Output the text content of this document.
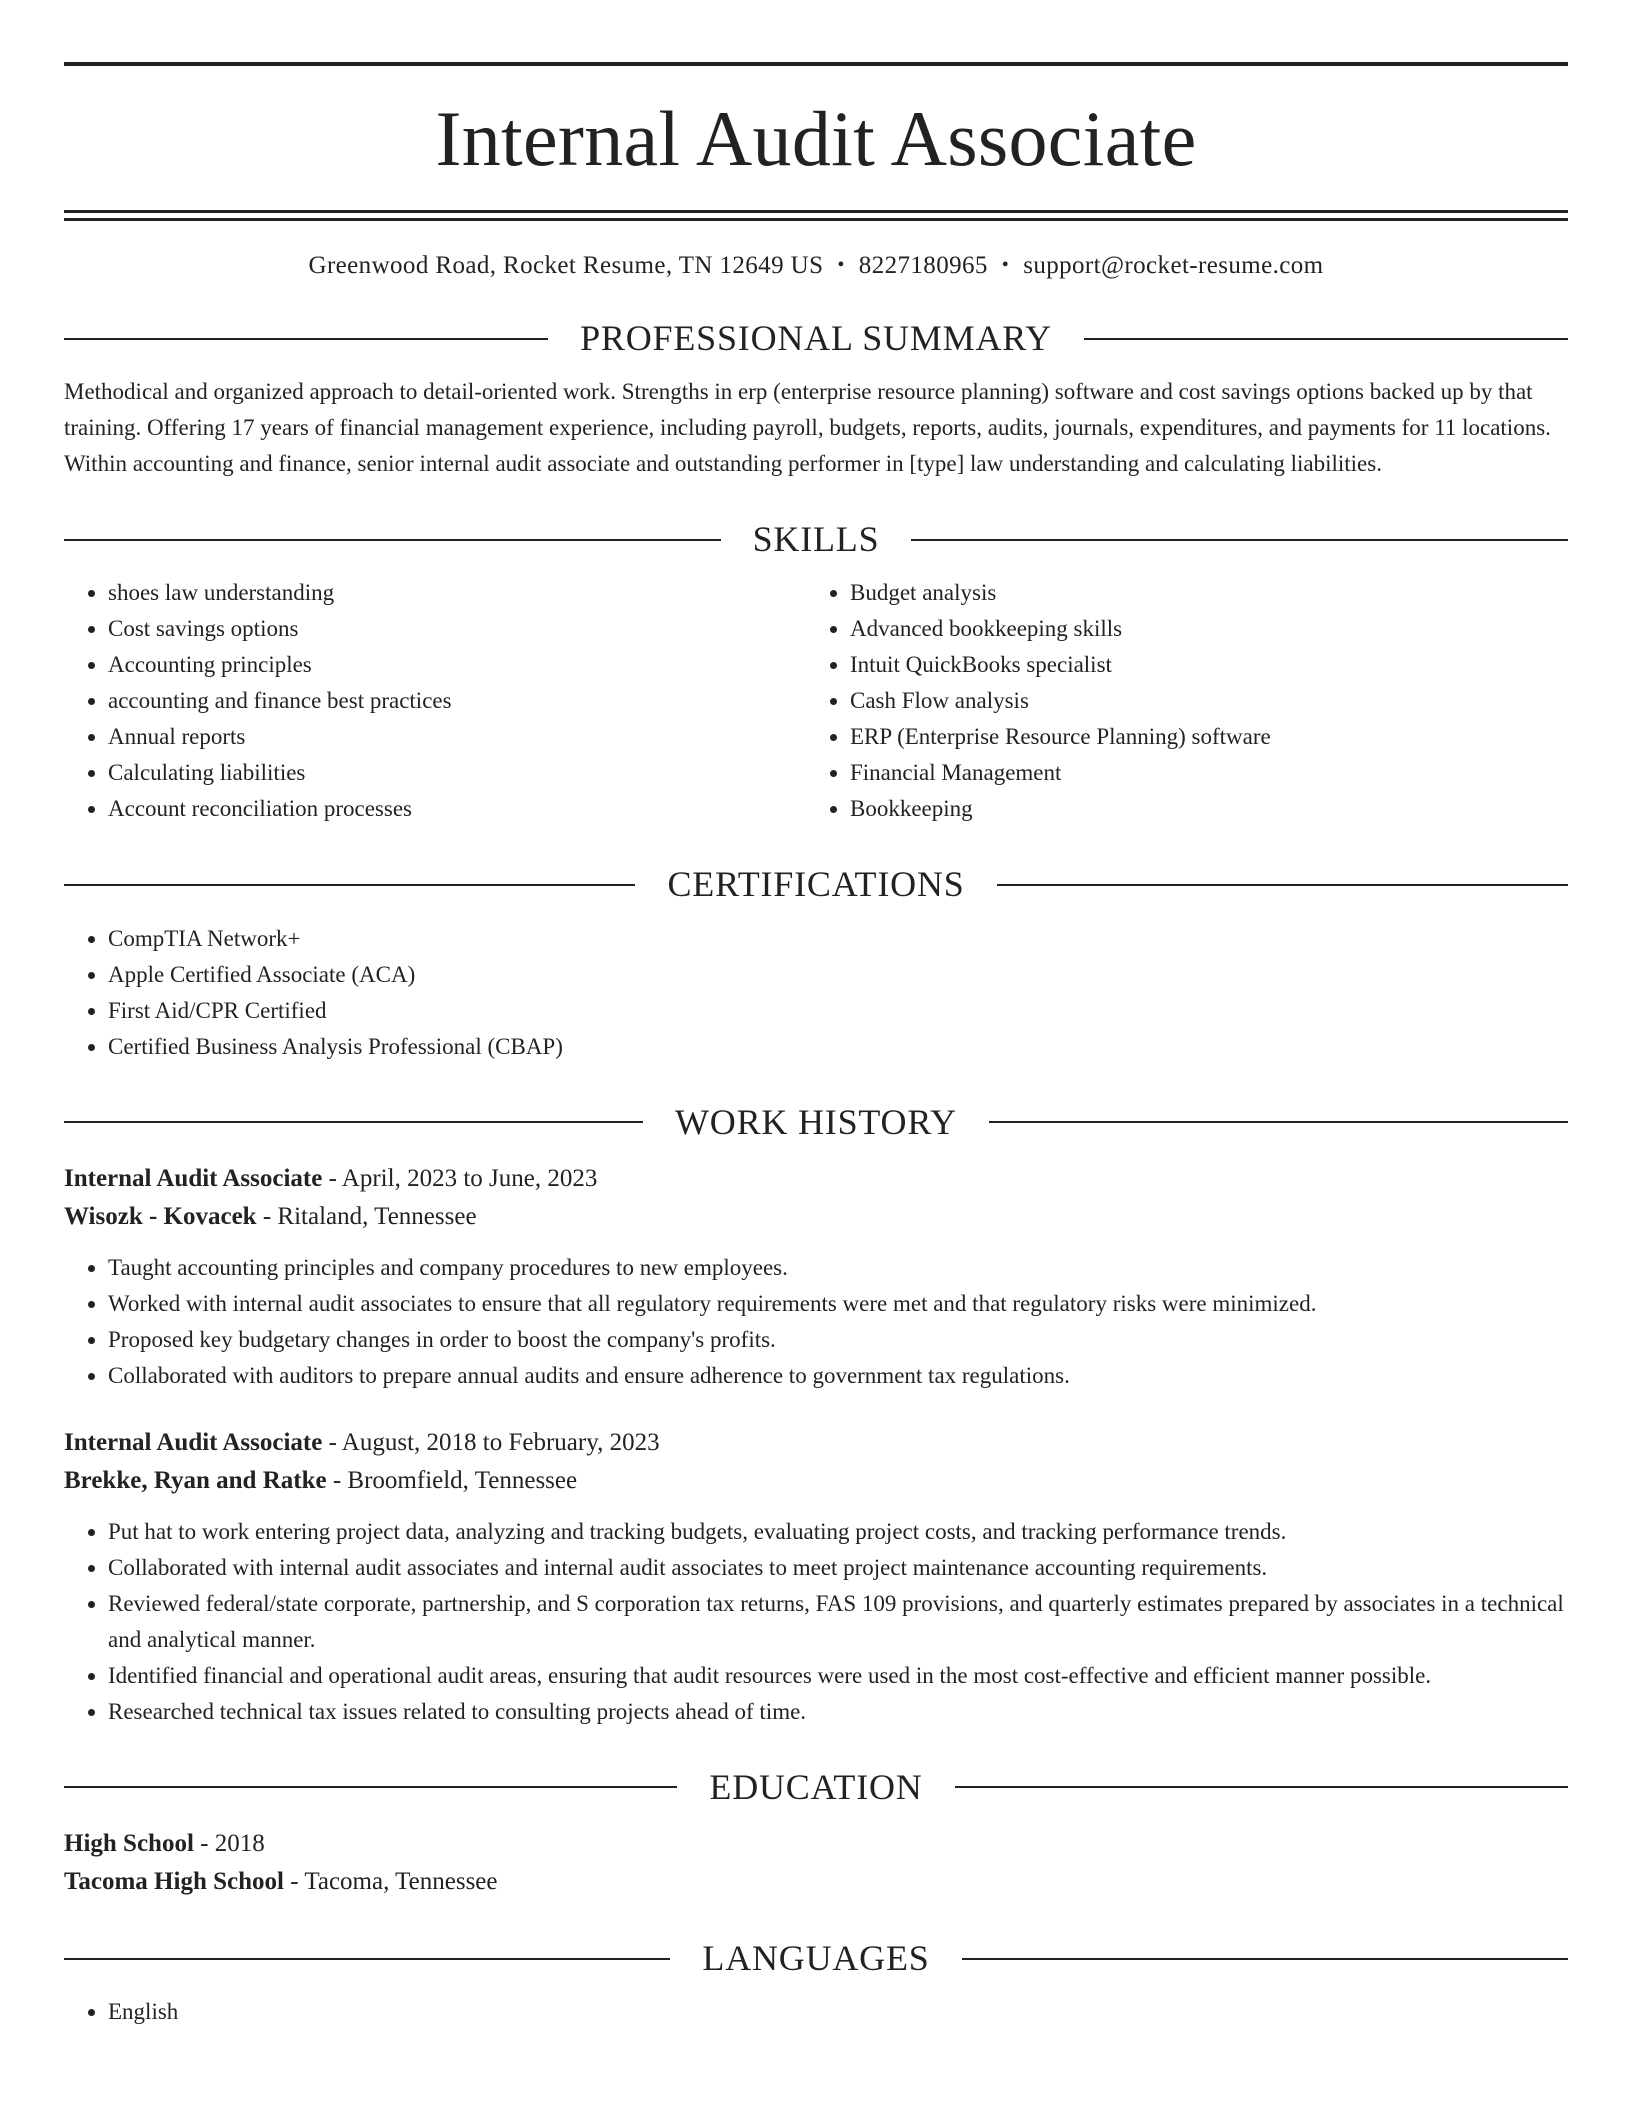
Internal Audit Associate
Greenwood Road, Rocket Resume, TN 12649 US • 8227180965 • support@rocket-resume.com
PROFESSIONAL SUMMARY
Methodical and organized approach to detail-oriented work. Strengths in erp (enterprise resource planning) software and cost savings options backed up by that training. Offering 17 years of financial management experience, including payroll, budgets, reports, audits, journals, expenditures, and payments for 11 locations. Within accounting and finance, senior internal audit associate and outstanding performer in [type] law understanding and calculating liabilities.
SKILLS
• shoes law understanding
• Cost savings options
• Accounting principles
• accounting and finance best practices
• Annual reports
• Calculating liabilities
• Account reconciliation processes
• Budget analysis
• Advanced bookkeeping skills
• Intuit QuickBooks specialist
• Cash Flow analysis
• ERP (Enterprise Resource Planning) software
• Financial Management
• Bookkeeping
CERTIFICATIONS
• CompTIA Network+
• Apple Certified Associate (ACA)
• First Aid/CPR Certified
• Certified Business Analysis Professional (CBAP)
WORK HISTORY
Internal Audit Associate - April, 2023 to June, 2023
Wisozk - Kovacek - Ritaland, Tennessee
• Taught accounting principles and company procedures to new employees.
• Worked with internal audit associates to ensure that all regulatory requirements were met and that regulatory risks were minimized.
• Proposed key budgetary changes in order to boost the company's profits.
• Collaborated with auditors to prepare annual audits and ensure adherence to government tax regulations.
Internal Audit Associate - August, 2018 to February, 2023
Brekke, Ryan and Ratke - Broomfield, Tennessee
• Put hat to work entering project data, analyzing and tracking budgets, evaluating project costs, and tracking performance trends.
• Collaborated with internal audit associates and internal audit associates to meet project maintenance accounting requirements.
• Reviewed federal/state corporate, partnership, and S corporation tax returns, FAS 109 provisions, and quarterly estimates prepared by associates in a technical and analytical manner.
• Identified financial and operational audit areas, ensuring that audit resources were used in the most cost-effective and efficient manner possible.
• Researched technical tax issues related to consulting projects ahead of time.
EDUCATION
High School - 2018
Tacoma High School - Tacoma, Tennessee
LANGUAGES
• English
